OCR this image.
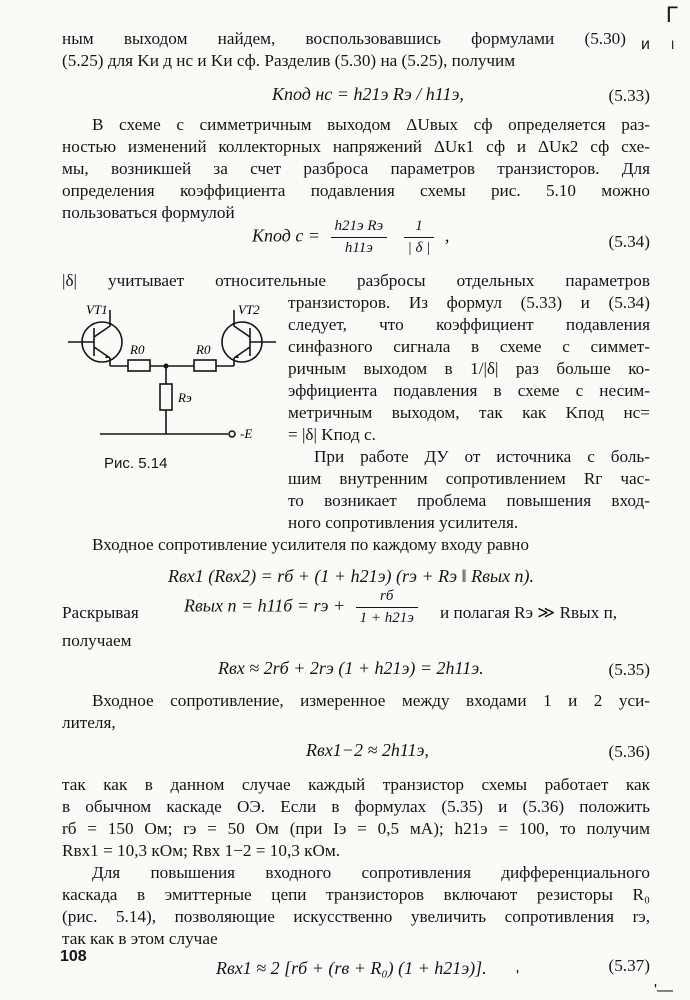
Г
и I
'
'—
ным выходом найдем, воспользовавшись формулами (5.30)
(5.25) для Kи д нс и Kи сф. Разделив (5.30) на (5.25), получим
Kпод нс = h21э Rэ / h11э,	(5.33)
В схеме с симметричным выходом ΔUвых сф определяется раз-
ностью изменений коллекторных напряжений ΔUк1 сф и ΔUк2 сф схе-
мы, возникшей за счет разброса параметров транзисторов. Для
определения коэффициента подавления схемы рис. 5.10 можно
пользоваться формулой
Kпод $с = \frac{\text{h21э Rэ}}{h11э}$
$\frac{1}{| \delta |}$ ,	(5.34)
|δ| учитывает относительные разбросы отдельных параметров
VT1	VT2
R0	R0
Rэ
-E
Рис. 5.14
транзисторов. Из формул (5.33) и (5.34)
следует, что коэффициент подавления
синфазного сигнала в схеме с симмет-
ричным выходом в 1/|δ| раз больше ко-
эффициента подавления в схеме с несим-
метричным выходом, так как Kпод нс=
= |δ| Kпод с.
При работе ДУ от источника с боль-
шим внутренним сопротивлением Rг час-
то возникает проблема повышения вход-
ного сопротивления усилителя.
Входное сопротивление усилителя по каждому входу равно
Rвх1 (Rвх2) = rб + (1 + h21э) (rэ + Rэ ‖ Rвых п).
Раскрывая	Rвых п = h11б = rэ + $\frac{rб}{1 + h21э}$ и полагая Rэ ≫ Rвых п,
получаем
Rвх ≈ 2rб + 2rэ (1 + h21э) = 2h11э.	(5.35)
Входное сопротивление, измеренное между входами 1 и 2 уси-
лителя,
Rвх1−2 ≈ 2h11э,	(5.36)
так как в данном случае каждый транзистор схемы работает как
в обычном каскаде ОЭ. Если в формулах (5.35) и (5.36) положить
rб = 150 Ом; rэ = 50 Ом (при Iэ = 0,5 мА); h21э = 100, то получим
Rвх1 = 10,3 кОм; Rвх 1−2 = 10,3 кОм.
Для повышения входного сопротивления дифференциального
каскада в эмиттерные цепи транзисторов включают резисторы R₀
(рис. 5.14), позволяющие искусственно увеличить сопротивления rэ,
так как в этом случае
Rвх1 ≈ 2 [rб + (rв + R₀) (1 + h21э)].	(5.37)
108
